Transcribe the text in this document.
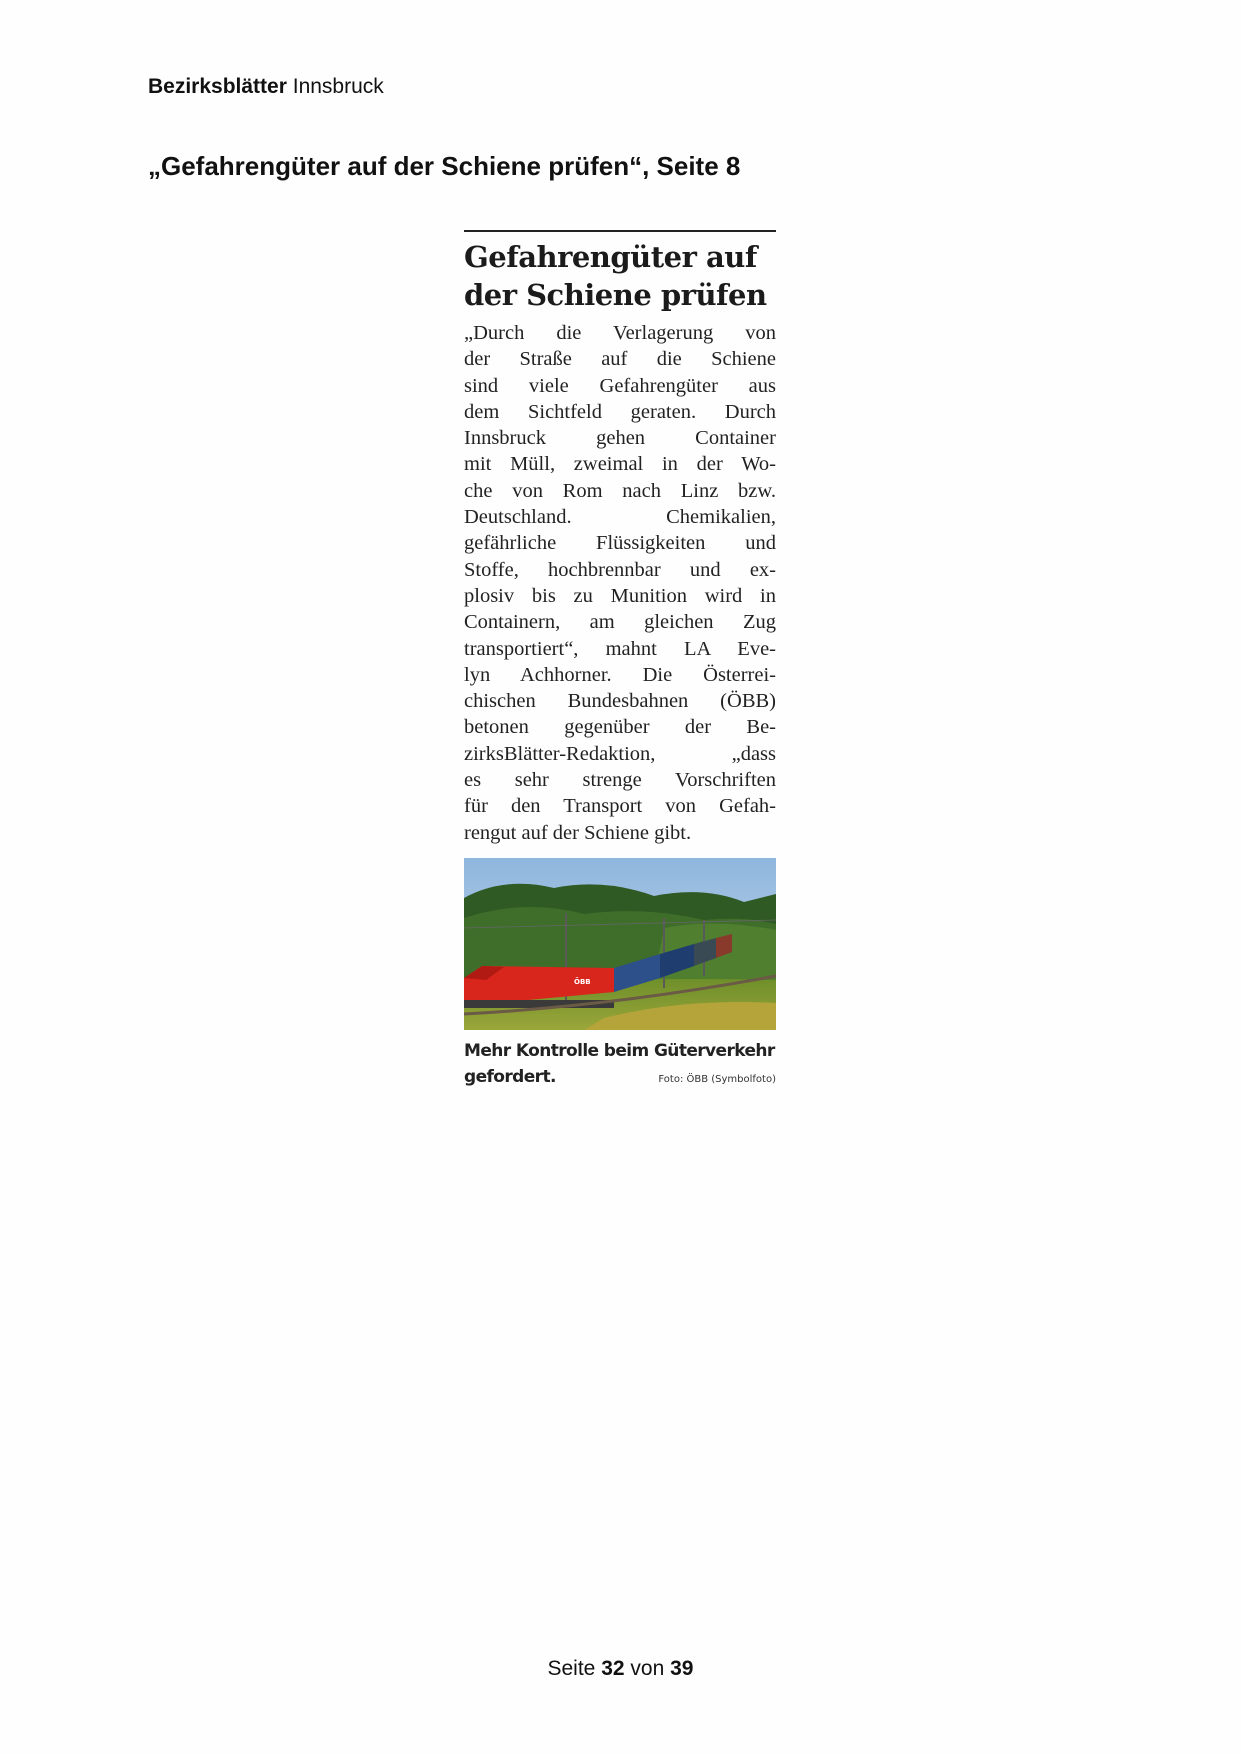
Bezirksblätter Innsbruck
„Gefahrengüter auf der Schiene prüfen“, Seite 8
Gefahrengüter auf
der Schiene prüfen
„Durch die Verlagerung von
der Straße auf die Schiene
sind viele Gefahrengüter aus
dem Sichtfeld geraten. Durch
Innsbruck gehen Container
mit Müll, zweimal in der Wo-
che von Rom nach Linz bzw.
Deutschland. Chemikalien,
gefährliche Flüssigkeiten und
Stoffe, hochbrennbar und ex-
plosiv bis zu Munition wird in
Containern, am gleichen Zug
transportiert“, mahnt LA Eve-
lyn Achhorner. Die Österrei-
chischen Bundesbahnen (ÖBB)
betonen gegenüber der Be-
zirksBlätter-Redaktion, „dass
es sehr strenge Vorschriften
für den Transport von Gefah-
rengut auf der Schiene gibt.
ÖBB
Mehr Kontrolle beim Güterverkehr
gefordert.	Foto: ÖBB (Symbolfoto)
Seite 32 von 39
